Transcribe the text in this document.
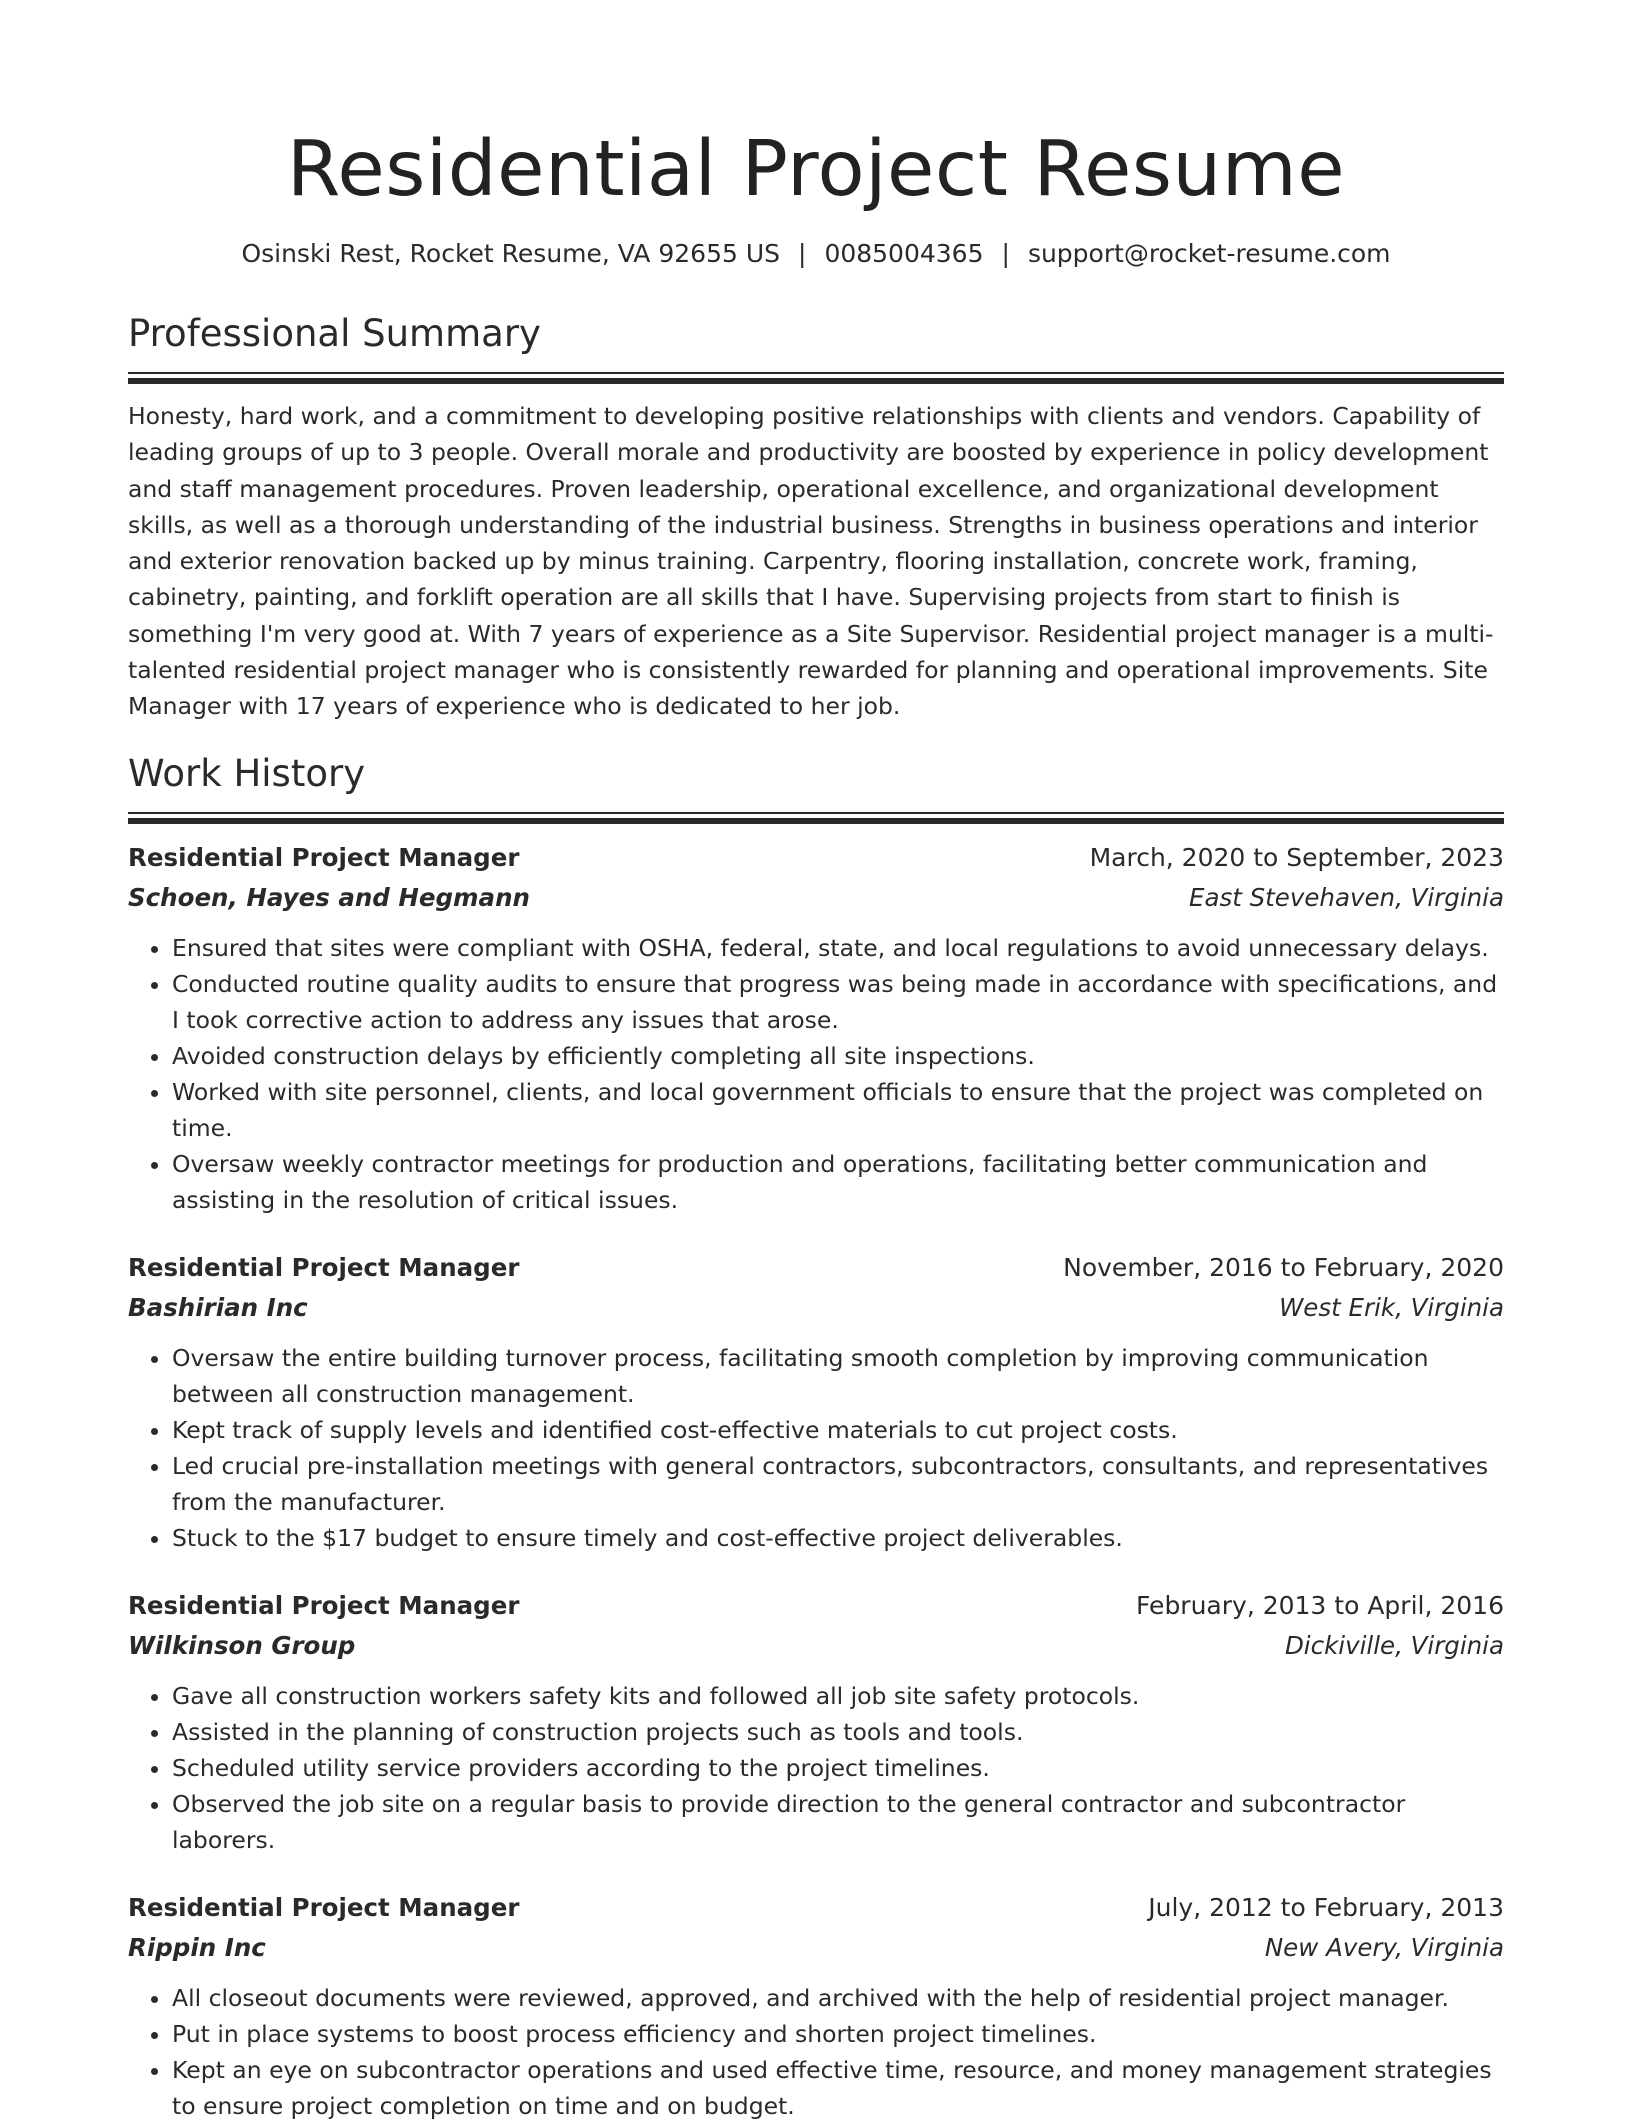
Residential Project Resume
Osinski Rest, Rocket Resume, VA 92655 US | 0085004365 | support@rocket-resume.com
Professional Summary

Honesty, hard work, and a commitment to developing positive relationships with clients and vendors. Capability of leading groups of up to 3 people. Overall morale and productivity are boosted by experience in policy development and staff management procedures. Proven leadership, operational excellence, and organizational development skills, as well as a thorough understanding of the industrial business. Strengths in business operations and interior and exterior renovation backed up by minus training. Carpentry, flooring installation, concrete work, framing, cabinetry, painting, and forklift operation are all skills that I have. Supervising projects from start to finish is something I'm very good at. With 7 years of experience as a Site Supervisor. Residential project manager is a multi-talented residential project manager who is consistently rewarded for planning and operational improvements. Site Manager with 17 years of experience who is dedicated to her job.

Work History
Residential Project Manager	March, 2020 to September, 2023
Schoen, Hayes and Hegmann	East Stevehaven, Virginia
• Ensured that sites were compliant with OSHA, federal, state, and local regulations to avoid unnecessary delays.
• Conducted routine quality audits to ensure that progress was being made in accordance with specifications, and I took corrective action to address any issues that arose.
• Avoided construction delays by efficiently completing all site inspections.
• Worked with site personnel, clients, and local government officials to ensure that the project was completed on time.
• Oversaw weekly contractor meetings for production and operations, facilitating better communication and assisting in the resolution of critical issues.
Residential Project Manager	November, 2016 to February, 2020
Bashirian Inc	West Erik, Virginia
• Oversaw the entire building turnover process, facilitating smooth completion by improving communication between all construction management.
• Kept track of supply levels and identified cost-effective materials to cut project costs.
• Led crucial pre-installation meetings with general contractors, subcontractors, consultants, and representatives from the manufacturer.
• Stuck to the $17 budget to ensure timely and cost-effective project deliverables.
Residential Project Manager	February, 2013 to April, 2016
Wilkinson Group	Dickiville, Virginia
• Gave all construction workers safety kits and followed all job site safety protocols.
• Assisted in the planning of construction projects such as tools and tools.
• Scheduled utility service providers according to the project timelines.
• Observed the job site on a regular basis to provide direction to the general contractor and subcontractor laborers.
Residential Project Manager	July, 2012 to February, 2013
Rippin Inc	New Avery, Virginia
• All closeout documents were reviewed, approved, and archived with the help of residential project manager.
• Put in place systems to boost process efficiency and shorten project timelines.
• Kept an eye on subcontractor operations and used effective time, resource, and money management strategies to ensure project completion on time and on budget.
